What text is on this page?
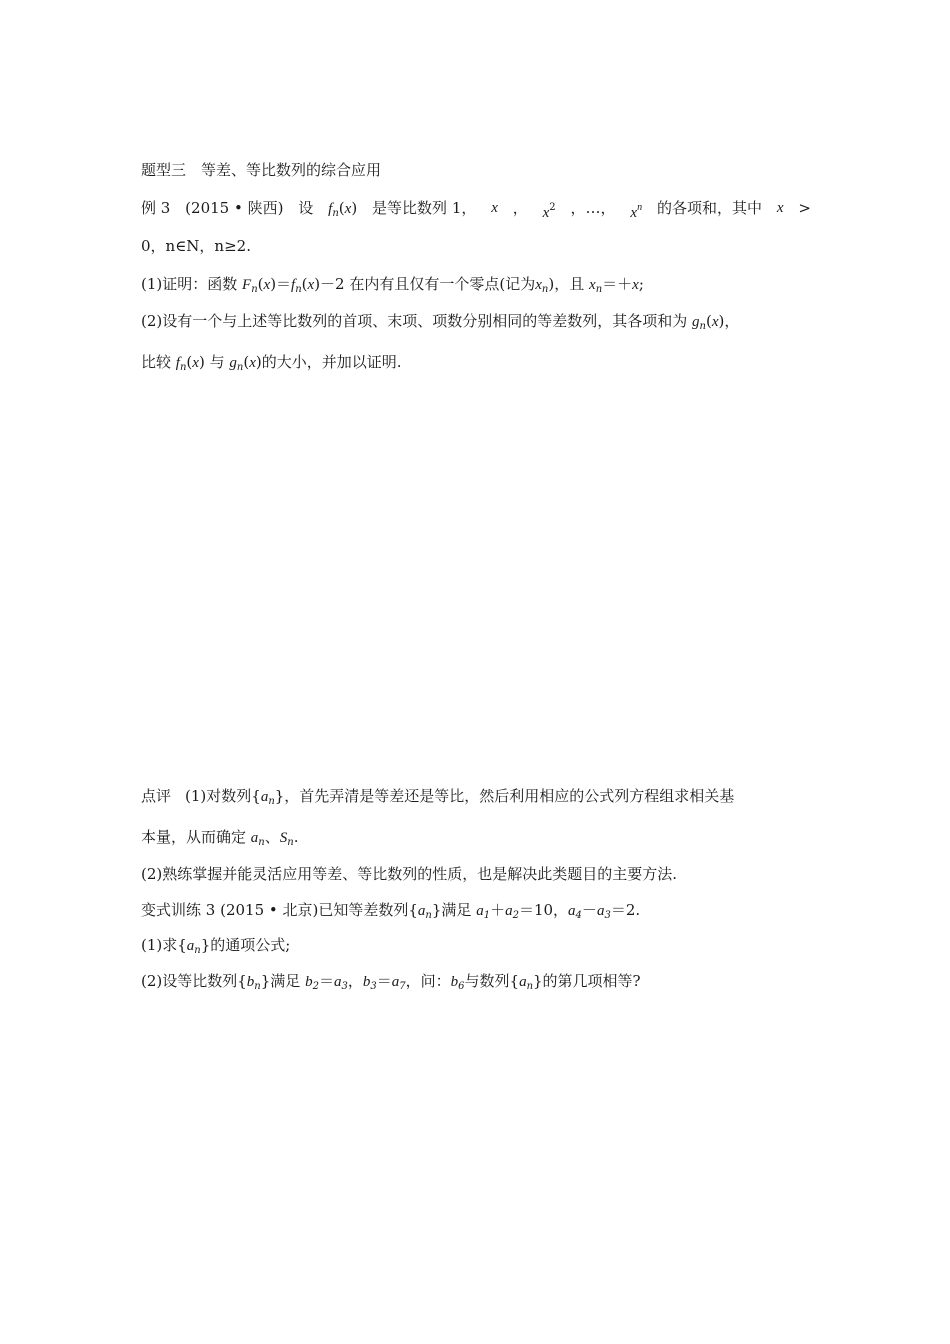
题型三　等差、等比数列的综合应用
例 3 (2015 • 陕西) 设 $f_n(x)$ 是等比数列 1， x ， $x^2$ ，…， $x^n$ 的各项和，其中 x >
0，n∈N，n≥2.
(1)证明：函数 $F_n(x)=f_n(x)-2$ 在内有且仅有一个零点(记为$x_n$)，且 $x_n=+x$;
(2)设有一个与上述等比数列的首项、末项、项数分别相同的等差数列，其各项和为 $g_n(x)$，
比较 $f_n(x)$ 与 $g_n(x)$的大小，并加以证明.
点评 (1)对数列$\{a_n\}$，首先弄清是等差还是等比，然后利用相应的公式列方程组求相关基
本量，从而确定 $a_n$、$S_n$.
(2)熟练掌握并能灵活应用等差、等比数列的性质，也是解决此类题目的主要方法.
变式训练 3 (2015 • 北京)已知等差数列$\{a_n\}$满足 $a_1+a_2=10$，$a_4-a_3=2$.
(1)求$\{a_n\}$的通项公式;
(2)设等比数列$\{b_n\}$满足 $b_2=a_3$，$b_3=a_7$，问：$b_6$与数列$\{a_n\}$的第几项相等?
